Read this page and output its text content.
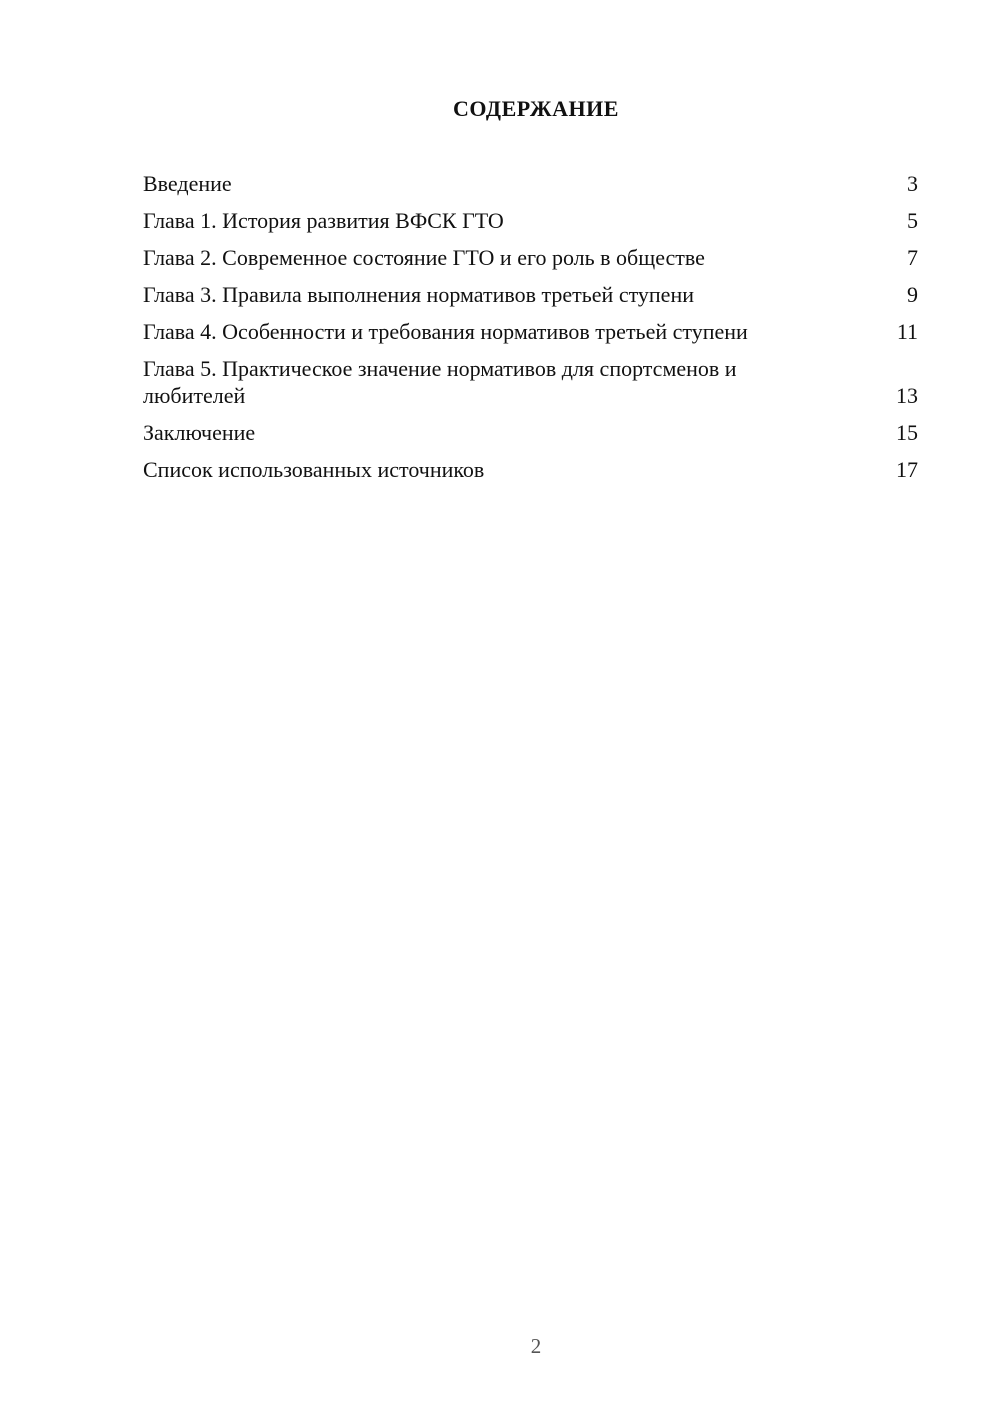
СОДЕРЖАНИЕ
Введение	3
Глава 1. История развития ВФСК ГТО	5
Глава 2. Современное состояние ГТО и его роль в обществе	7
Глава 3. Правила выполнения нормативов третьей ступени	9
Глава 4. Особенности и требования нормативов третьей ступени	11
Глава 5. Практическое значение нормативов для спортсменов и любителей	13
Заключение	15
Список использованных источников	17
2
